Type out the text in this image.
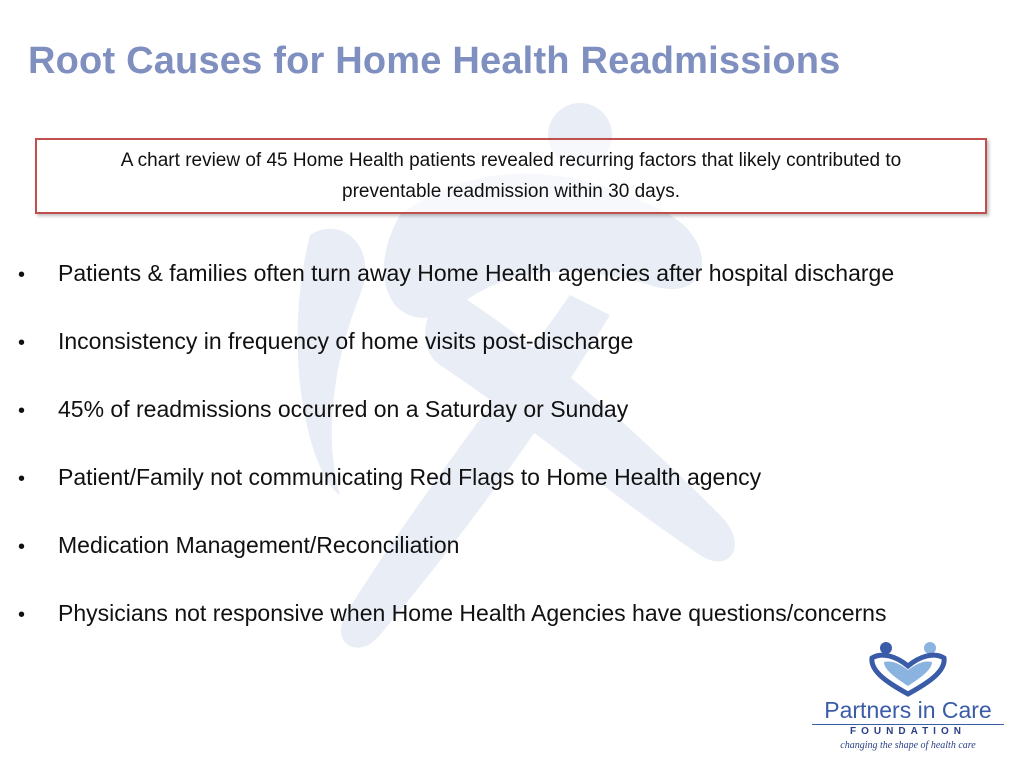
Root Causes for Home Health Readmissions
A chart review of 45 Home Health patients revealed recurring factors that likely contributed to preventable readmission within 30 days.
•	Patients & families often turn away Home Health agencies after hospital discharge
•	Inconsistency in frequency of home visits post-discharge
•	45% of readmissions occurred on a Saturday or Sunday
•	Patient/Family not communicating Red Flags to Home Health agency
•	Medication Management/Reconciliation
•	Physicians not responsive when Home Health Agencies have questions/concerns
Partners in Care
FOUNDATION
changing the shape of health care
